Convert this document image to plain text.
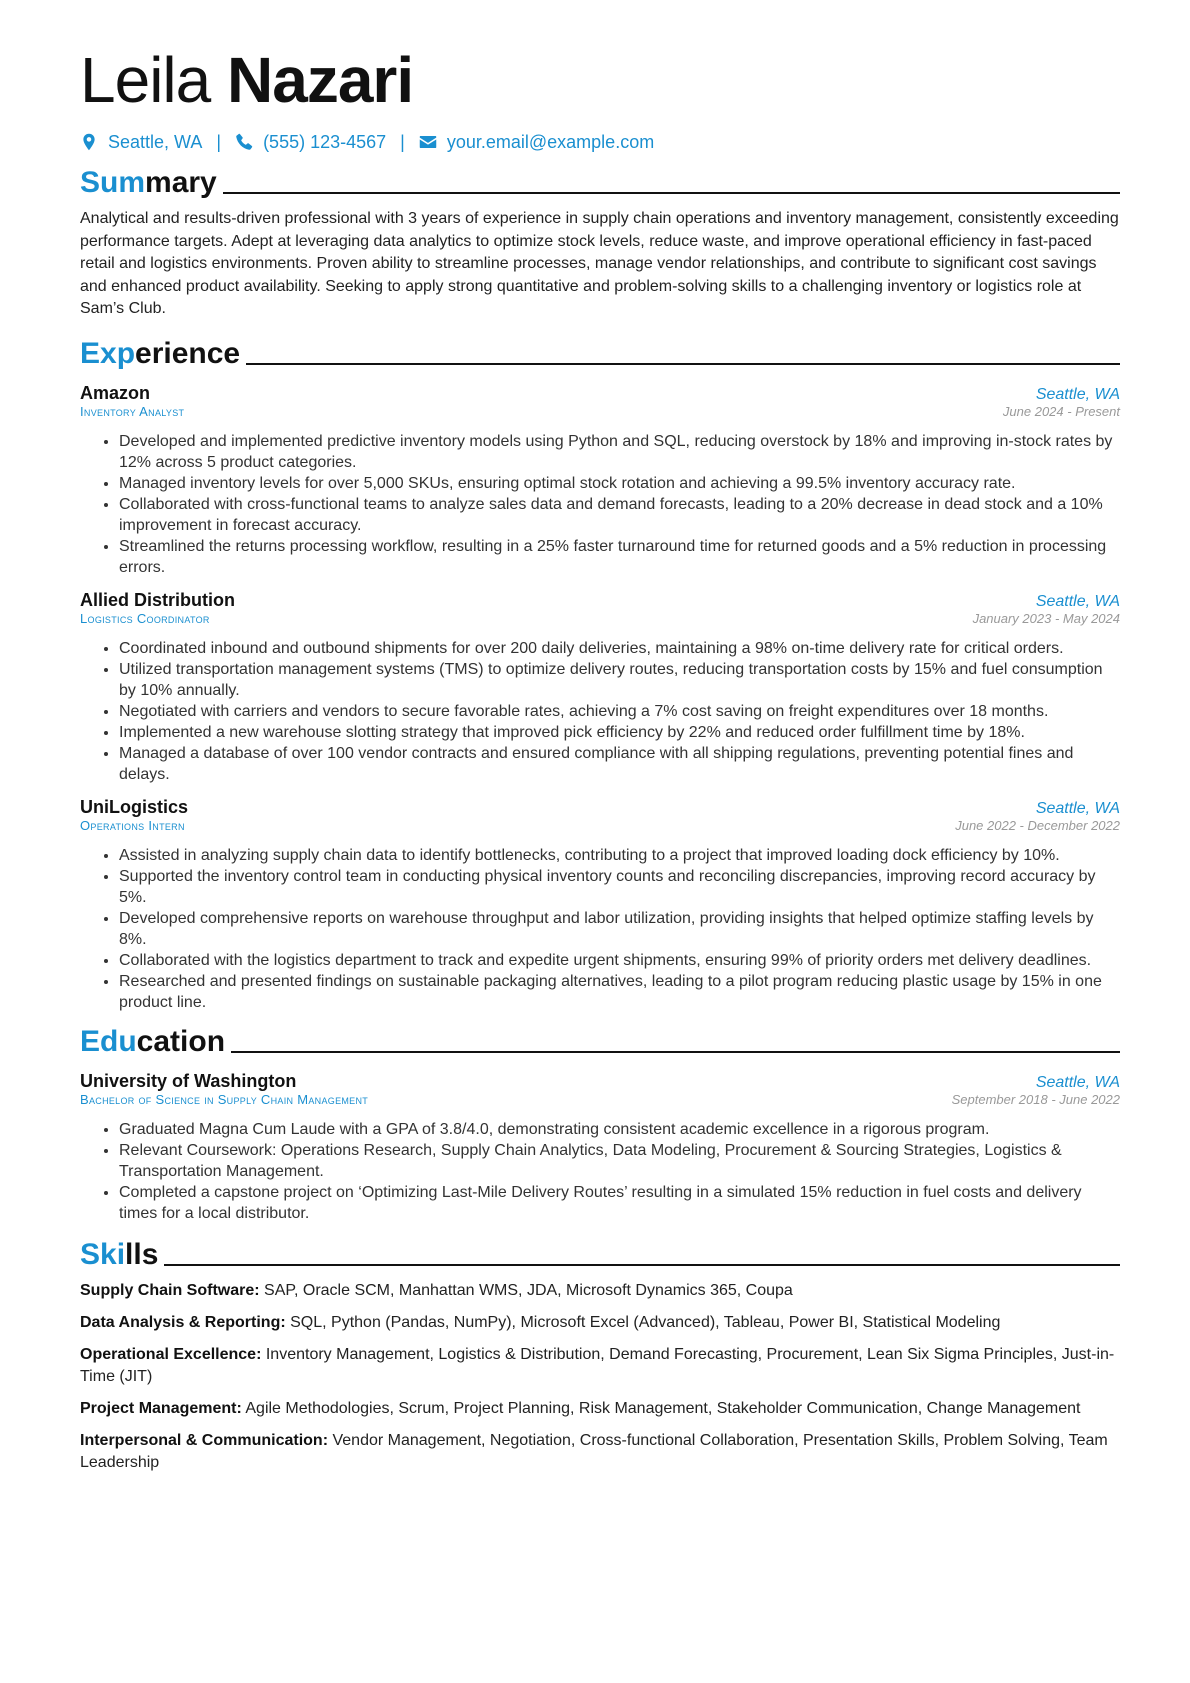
Leila Nazari
Seattle, WA | (555) 123-4567 | your.email@example.com
Summary
Analytical and results-driven professional with 3 years of experience in supply chain operations and inventory management, consistently exceeding performance targets. Adept at leveraging data analytics to optimize stock levels, reduce waste, and improve operational efficiency in fast-paced retail and logistics environments. Proven ability to streamline processes, manage vendor relationships, and contribute to significant cost savings and enhanced product availability. Seeking to apply strong quantitative and problem-solving skills to a challenging inventory or logistics role at Sam’s Club.
Experience
Amazon	Seattle, WA
Inventory Analyst	June 2024 - Present
• Developed and implemented predictive inventory models using Python and SQL, reducing overstock by 18% and improving in-stock rates by 12% across 5 product categories.
• Managed inventory levels for over 5,000 SKUs, ensuring optimal stock rotation and achieving a 99.5% inventory accuracy rate.
• Collaborated with cross-functional teams to analyze sales data and demand forecasts, leading to a 20% decrease in dead stock and a 10% improvement in forecast accuracy.
• Streamlined the returns processing workflow, resulting in a 25% faster turnaround time for returned goods and a 5% reduction in processing errors.
Allied Distribution	Seattle, WA
Logistics Coordinator	January 2023 - May 2024
• Coordinated inbound and outbound shipments for over 200 daily deliveries, maintaining a 98% on-time delivery rate for critical orders.
• Utilized transportation management systems (TMS) to optimize delivery routes, reducing transportation costs by 15% and fuel consumption by 10% annually.
• Negotiated with carriers and vendors to secure favorable rates, achieving a 7% cost saving on freight expenditures over 18 months.
• Implemented a new warehouse slotting strategy that improved pick efficiency by 22% and reduced order fulfillment time by 18%.
• Managed a database of over 100 vendor contracts and ensured compliance with all shipping regulations, preventing potential fines and delays.
UniLogistics	Seattle, WA
Operations Intern	June 2022 - December 2022
• Assisted in analyzing supply chain data to identify bottlenecks, contributing to a project that improved loading dock efficiency by 10%.
• Supported the inventory control team in conducting physical inventory counts and reconciling discrepancies, improving record accuracy by 5%.
• Developed comprehensive reports on warehouse throughput and labor utilization, providing insights that helped optimize staffing levels by 8%.
• Collaborated with the logistics department to track and expedite urgent shipments, ensuring 99% of priority orders met delivery deadlines.
• Researched and presented findings on sustainable packaging alternatives, leading to a pilot program reducing plastic usage by 15% in one product line.
Education
University of Washington	Seattle, WA
Bachelor of Science in Supply Chain Management	September 2018 - June 2022
• Graduated Magna Cum Laude with a GPA of 3.8/4.0, demonstrating consistent academic excellence in a rigorous program.
• Relevant Coursework: Operations Research, Supply Chain Analytics, Data Modeling, Procurement & Sourcing Strategies, Logistics & Transportation Management.
• Completed a capstone project on ‘Optimizing Last-Mile Delivery Routes’ resulting in a simulated 15% reduction in fuel costs and delivery times for a local distributor.
Skills
Supply Chain Software: SAP, Oracle SCM, Manhattan WMS, JDA, Microsoft Dynamics 365, Coupa
Data Analysis & Reporting: SQL, Python (Pandas, NumPy), Microsoft Excel (Advanced), Tableau, Power BI, Statistical Modeling
Operational Excellence: Inventory Management, Logistics & Distribution, Demand Forecasting, Procurement, Lean Six Sigma Principles, Just-in-Time (JIT)
Project Management: Agile Methodologies, Scrum, Project Planning, Risk Management, Stakeholder Communication, Change Management
Interpersonal & Communication: Vendor Management, Negotiation, Cross-functional Collaboration, Presentation Skills, Problem Solving, Team Leadership
